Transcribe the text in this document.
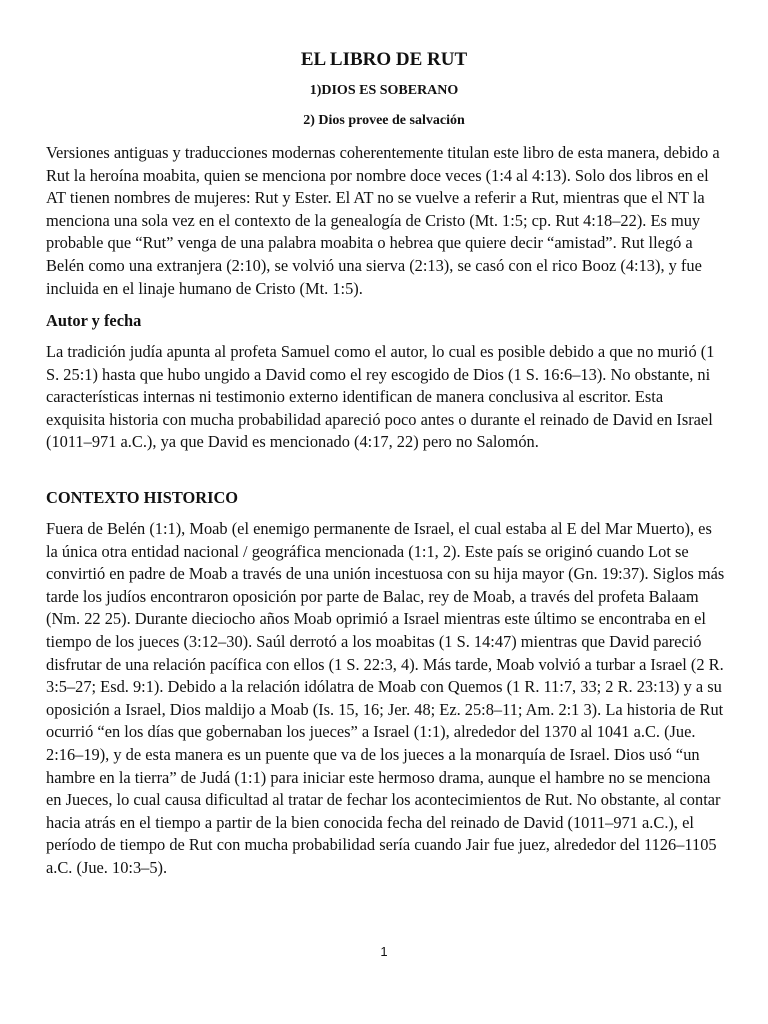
EL LIBRO DE RUT
1)DIOS ES SOBERANO
2) Dios provee de salvación

Versiones antiguas y traducciones modernas coherentemente titulan este libro de esta manera, debido a Rut la heroína moabita, quien se menciona por nombre doce veces (1:4 al 4:13). Solo dos libros en el AT tienen nombres de mujeres: Rut y Ester. El AT no se vuelve a referir a Rut, mientras que el NT la menciona una sola vez en el contexto de la genealogía de Cristo (Mt. 1:5; cp. Rut 4:18–22). Es muy probable que “Rut” venga de una palabra moabita o hebrea que quiere decir “amistad”. Rut llegó a Belén como una extranjera (2:10), se volvió una sierva (2:13), se casó con el rico Booz (4:13), y fue incluida en el linaje humano de Cristo (Mt. 1:5).

Autor y fecha

La tradición judía apunta al profeta Samuel como el autor, lo cual es posible debido a que no murió (1 S. 25:1) hasta que hubo ungido a David como el rey escogido de Dios (1 S. 16:6–13). No obstante, ni características internas ni testimonio externo identifican de manera conclusiva al escritor. Esta exquisita historia con mucha probabilidad apareció poco antes o durante el reinado de David en Israel (1011–971 a.C.), ya que David es mencionado (4:17, 22) pero no Salomón.

CONTEXTO HISTORICO

Fuera de Belén (1:1), Moab (el enemigo permanente de Israel, el cual estaba al E del Mar Muerto), es la única otra entidad nacional / geográfica mencionada (1:1, 2). Este país se originó cuando Lot se convirtió en padre de Moab a través de una unión incestuosa con su hija mayor (Gn. 19:37). Siglos más tarde los judíos encontraron oposición por parte de Balac, rey de Moab, a través del profeta Balaam (Nm. 22 25). Durante dieciocho años Moab oprimió a Israel mientras este último se encontraba en el tiempo de los jueces (3:12–30). Saúl derrotó a los moabitas (1 S. 14:47) mientras que David pareció disfrutar de una relación pacífica con ellos (1 S. 22:3, 4). Más tarde, Moab volvió a turbar a Israel (2 R. 3:5–27; Esd. 9:1). Debido a la relación idólatra de Moab con Quemos (1 R. 11:7, 33; 2 R. 23:13) y a su oposición a Israel, Dios maldijo a Moab (Is. 15, 16; Jer. 48; Ez. 25:8–11; Am. 2:1 3). La historia de Rut ocurrió “en los días que gobernaban los jueces” a Israel (1:1), alrededor del 1370 al 1041 a.C. (Jue. 2:16–19), y de esta manera es un puente que va de los jueces a la monarquía de Israel. Dios usó “un hambre en la tierra” de Judá (1:1) para iniciar este hermoso drama, aunque el hambre no se menciona en Jueces, lo cual causa dificultad al tratar de fechar los acontecimientos de Rut. No obstante, al contar hacia atrás en el tiempo a partir de la bien conocida fecha del reinado de David (1011–971 a.C.), el período de tiempo de Rut con mucha probabilidad sería cuando Jair fue juez, alrededor del 1126–1105 a.C. (Jue. 10:3–5).

1
